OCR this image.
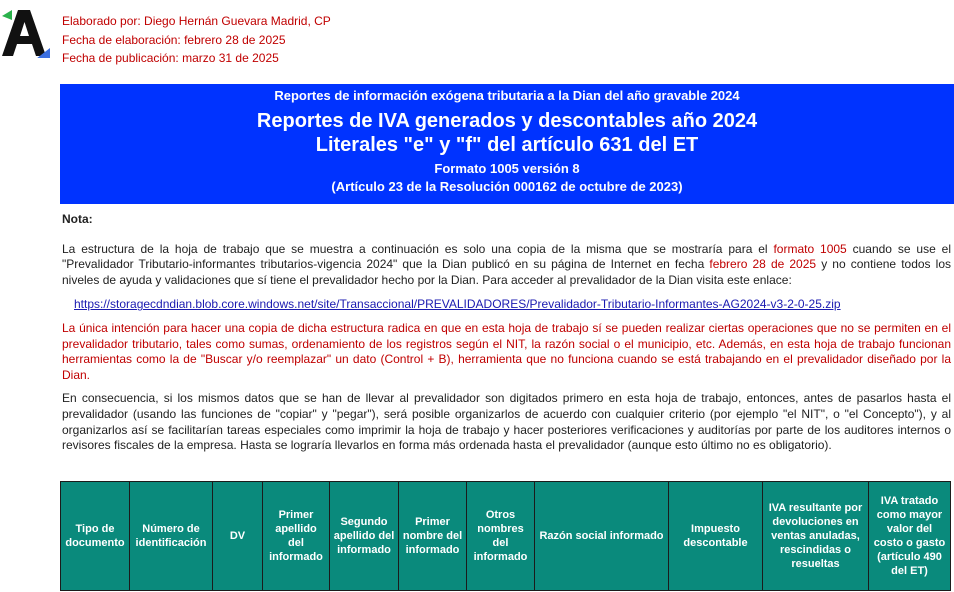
Elaborado por: Diego Hernán Guevara Madrid, CP
Fecha de elaboración: febrero 28 de 2025
Fecha de publicación: marzo 31 de 2025
Reportes de información exógena tributaria a la Dian del año gravable 2024
Reportes de IVA generados y descontables año 2024
Literales "e" y "f" del artículo 631 del ET
Formato 1005 versión 8
(Artículo 23 de la Resolución 000162 de octubre de 2023)
Nota:

La estructura de la hoja de trabajo que se muestra a continuación es solo una copia de la misma que se mostraría para el formato 1005 cuando se use el "Prevalidador Tributario-informantes tributarios-vigencia 2024" que la Dian publicó en su página de Internet en fecha febrero 28 de 2025 y no contiene todos los niveles de ayuda y validaciones que sí tiene el prevalidador hecho por la Dian. Para acceder al prevalidador de la Dian visita este enlace:
https://storagecdndian.blob.core.windows.net/site/Transaccional/PREVALIDADORES/Prevalidador-Tributario-Informantes-AG2024-v3-2-0-25.zip

La única intención para hacer una copia de dicha estructura radica en que en esta hoja de trabajo sí se pueden realizar ciertas operaciones que no se permiten en el prevalidador tributario, tales como sumas, ordenamiento de los registros según el NIT, la razón social o el municipio, etc. Además, en esta hoja de trabajo funcionan herramientas como la de "Buscar y/o reemplazar" un dato (Control + B), herramienta que no funciona cuando se está trabajando en el prevalidador diseñado por la Dian.

En consecuencia, si los mismos datos que se han de llevar al prevalidador son digitados primero en esta hoja de trabajo, entonces, antes de pasarlos hasta el prevalidador (usando las funciones de "copiar" y "pegar"), será posible organizarlos de acuerdo con cualquier criterio (por ejemplo "el NIT", o "el Concepto"), y al organizarlos así se facilitarían tareas especiales como imprimir la hoja de trabajo y hacer posteriores verificaciones y auditorías por parte de los auditores internos o revisores fiscales de la empresa. Hasta se lograría llevarlos en forma más ordenada hasta el prevalidador (aunque esto último no es obligatorio).

Tipo de documento	Número de identificación	DV	Primer apellido del informado	Segundo apellido del informado	Primer nombre del informado	Otros nombres del informado	Razón social informado	Impuesto descontable	IVA resultante por devoluciones en ventas anuladas, rescindidas o resueltas	IVA tratado como mayor valor del costo o gasto (artículo 490 del ET)
